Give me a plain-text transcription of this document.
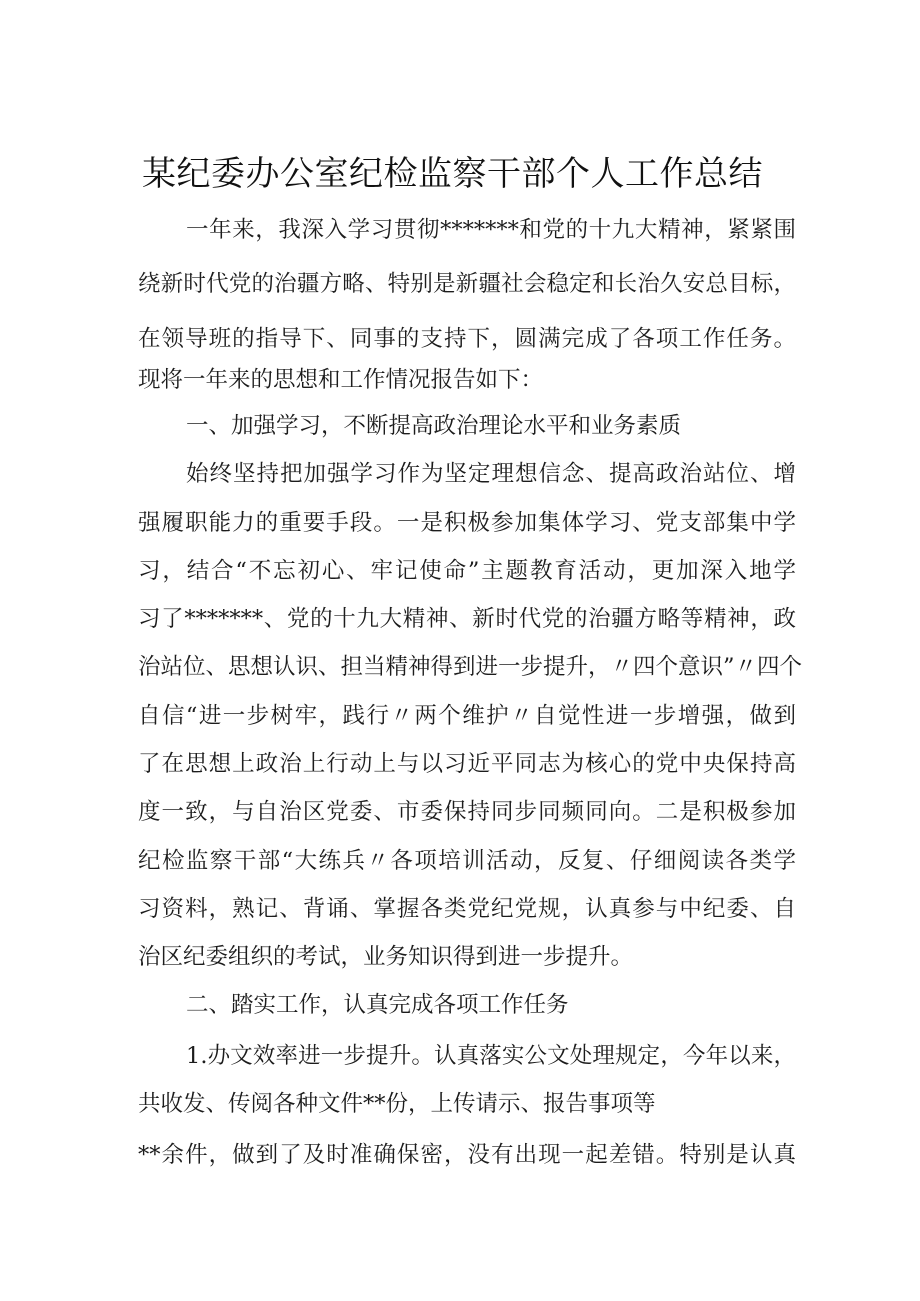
某纪委办公室纪检监察干部个人工作总结
一年来，我深入学习贯彻*******和党的十九大精神，紧紧围
绕新时代党的治疆方略、特别是新疆社会稳定和长治久安总目标，
在领导班的指导下、同事的支持下，圆满完成了各项工作任务。
现将一年来的思想和工作情况报告如下：
一、加强学习，不断提高政治理论水平和业务素质
始终坚持把加强学习作为坚定理想信念、提高政治站位、增
强履职能力的重要手段。一是积极参加集体学习、党支部集中学
习，结合“不忘初心、牢记使命”主题教育活动，更加深入地学
习了*******、党的十九大精神、新时代党的治疆方略等精神，政
治站位、思想认识、担当精神得到进一步提升，〃四个意识”〃四个
自信“进一步树牢，践行〃两个维护〃自觉性进一步增强，做到
了在思想上政治上行动上与以习近平同志为核心的党中央保持高
度一致，与自治区党委、市委保持同步同频同向。二是积极参加
纪检监察干部“大练兵〃各项培训活动，反复、仔细阅读各类学
习资料，熟记、背诵、掌握各类党纪党规，认真参与中纪委、自
治区纪委组织的考试，业务知识得到进一步提升。
二、踏实工作，认真完成各项工作任务
1.办文效率进一步提升。认真落实公文处理规定，今年以来，
共收发、传阅各种文件**份，上传请示、报告事项等
**余件，做到了及时准确保密，没有出现一起差错。特别是认真
